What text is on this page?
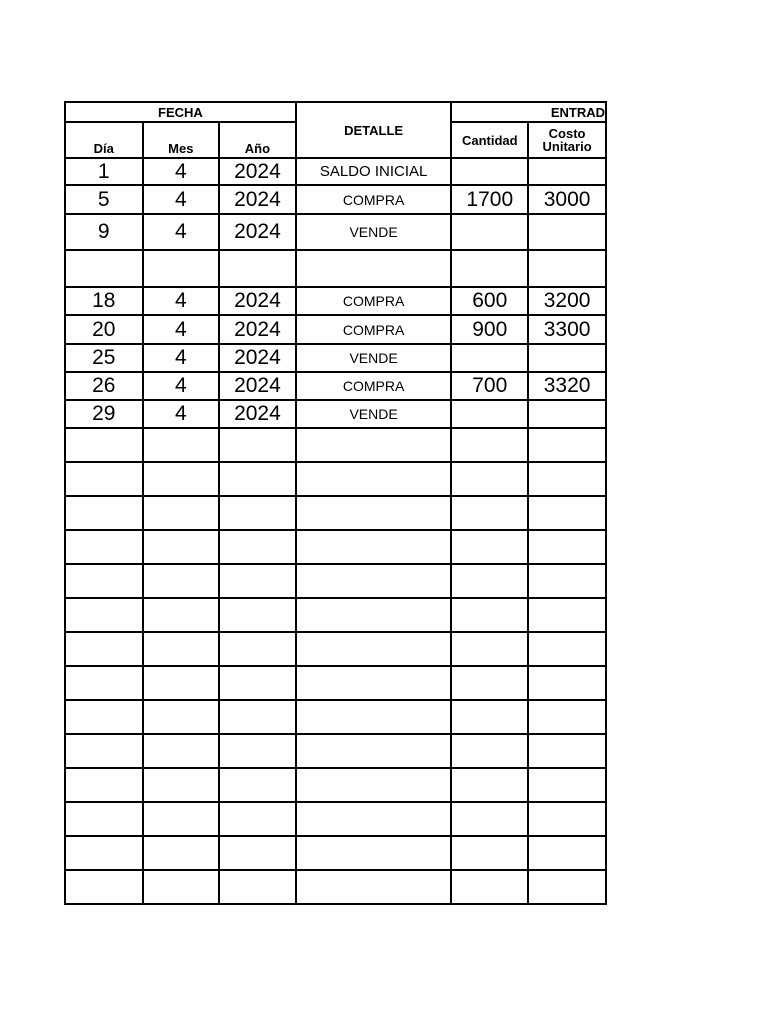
FECHA			DETALLE	ENTRAD	
Día	Mes	Año		Cantidad	Costo
Unitario
1	4	2024	SALDO INICIAL		
5	4	2024	COMPRA	1700	3000
9	4	2024	VENDE		

18	4	2024	COMPRA	600	3200
20	4	2024	COMPRA	900	3300
25	4	2024	VENDE		
26	4	2024	COMPRA	700	3320
29	4	2024	VENDE		
